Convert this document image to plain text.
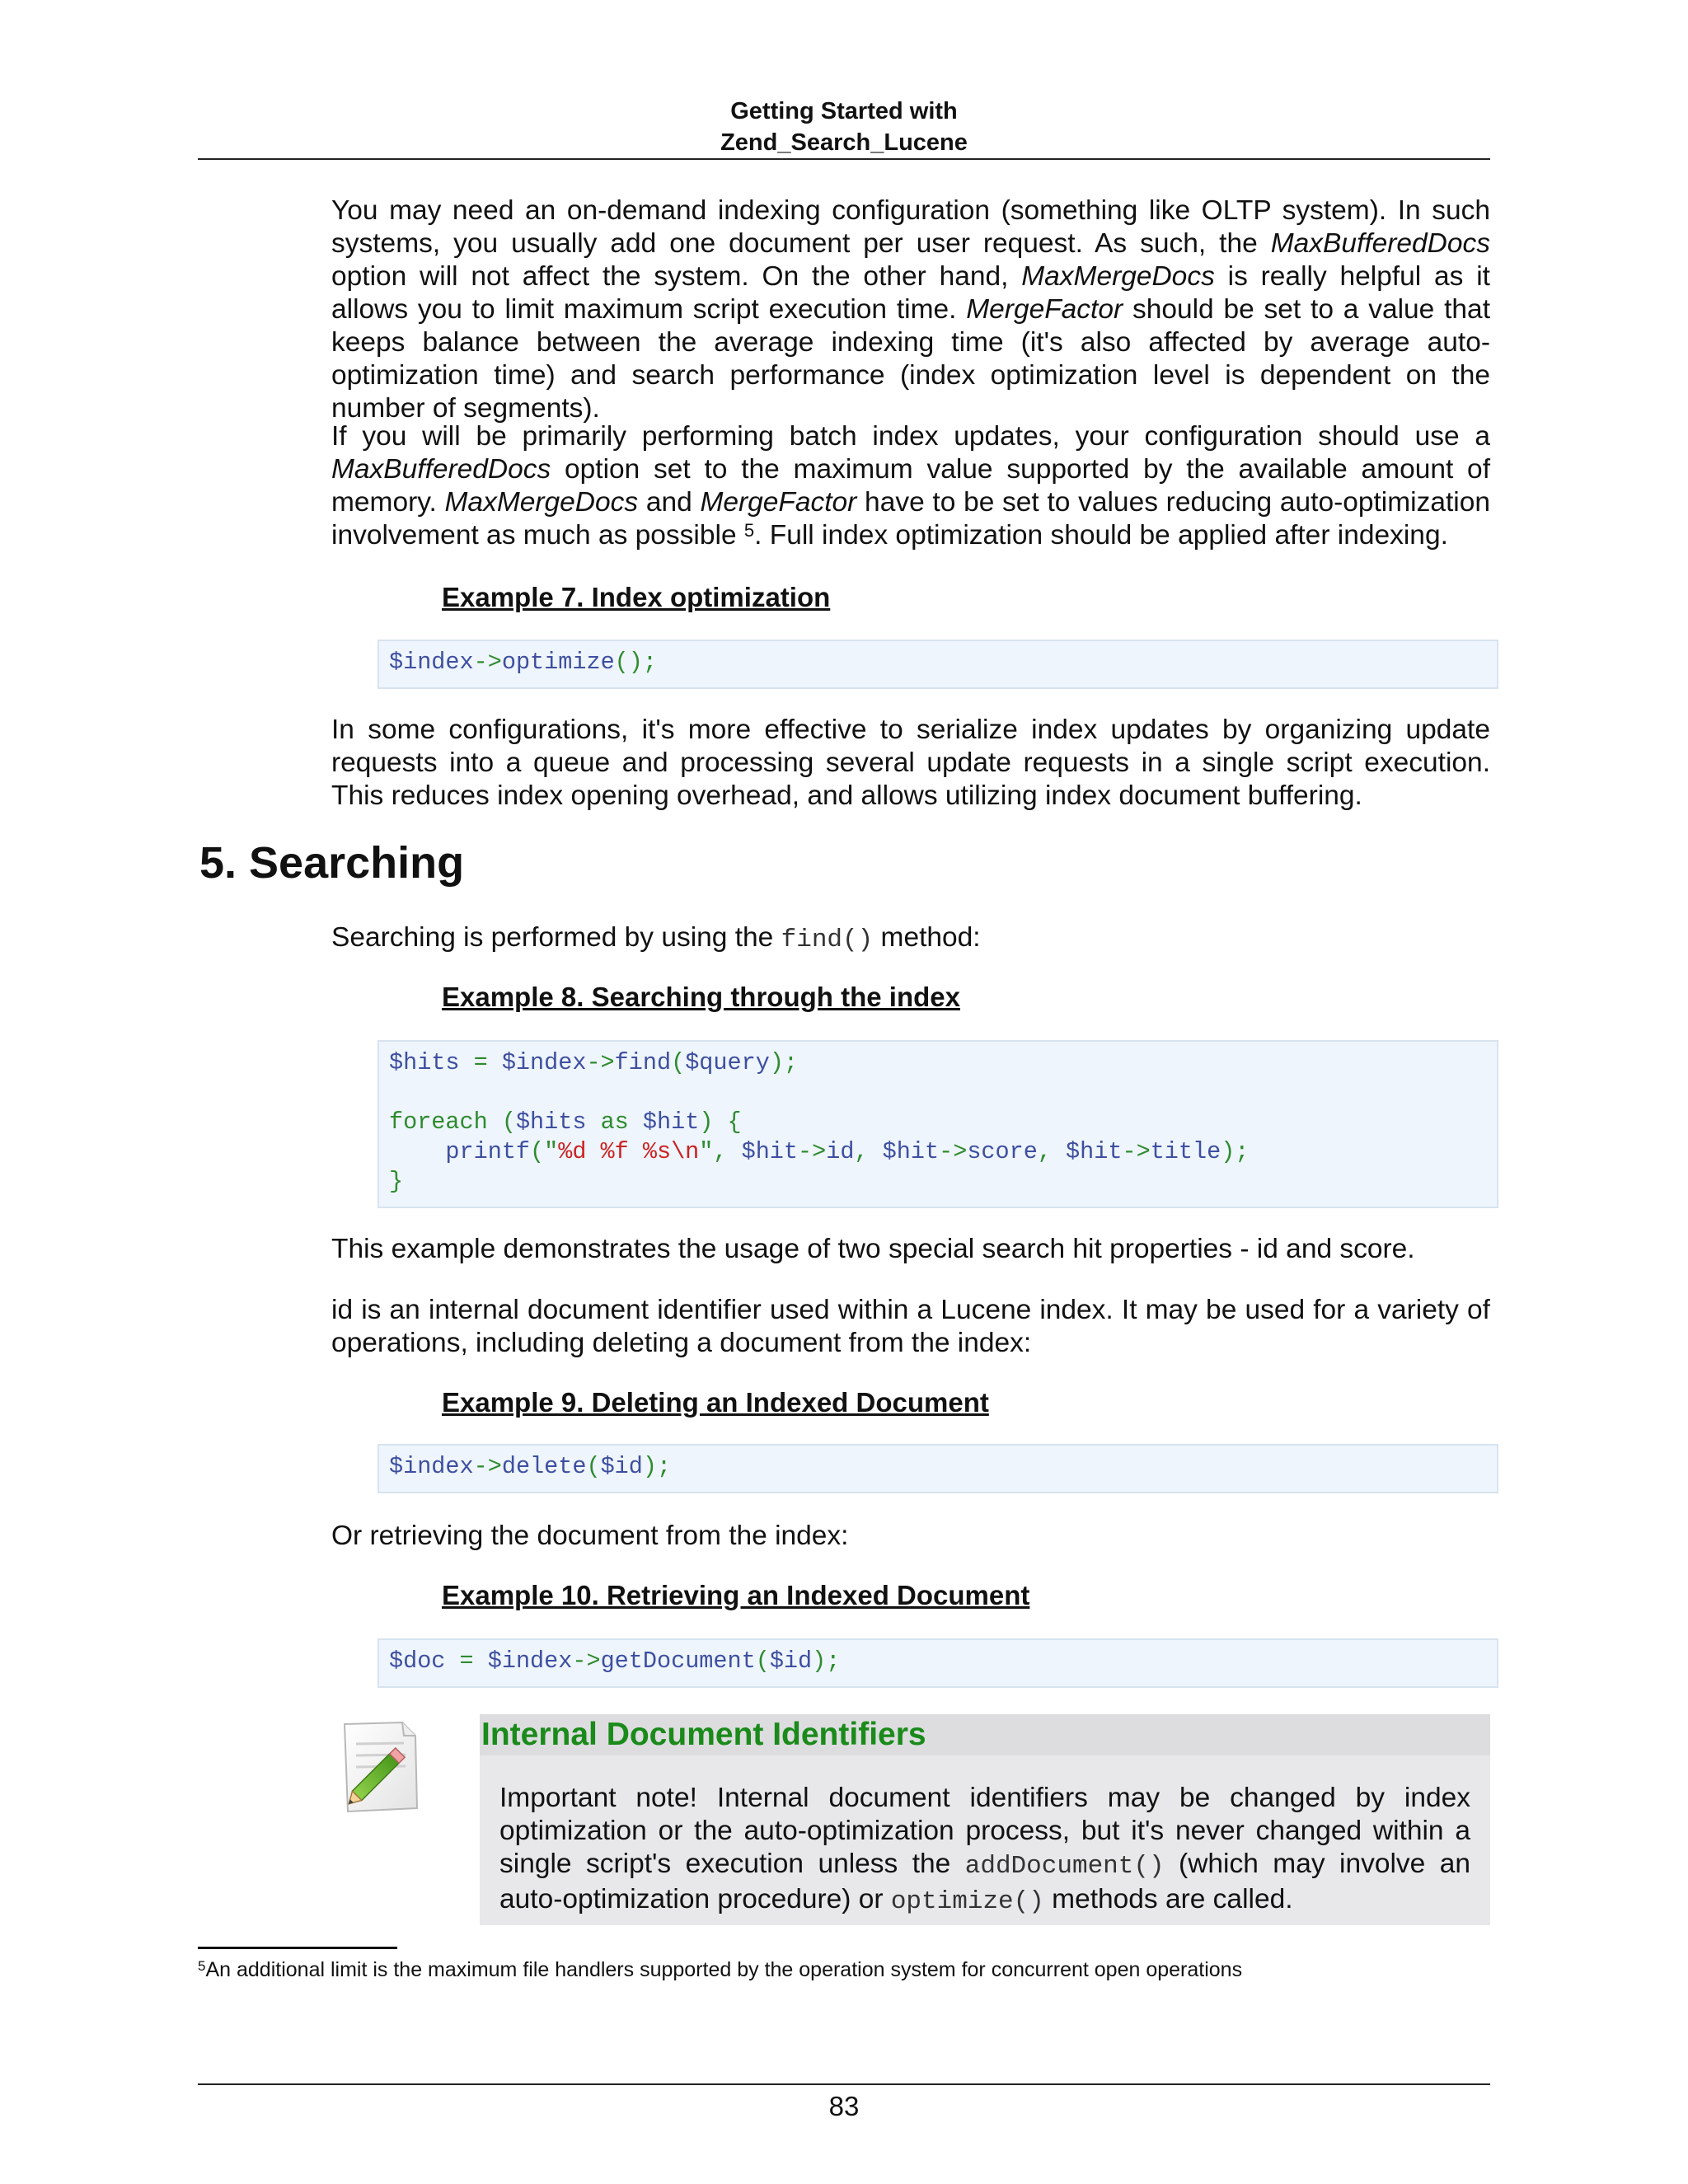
Getting Started with
Zend_Search_Lucene

You may need an on-demand indexing configuration (something like OLTP system). In such systems, you usually add one document per user request. As such, the MaxBufferedDocs option will not affect the system. On the other hand, MaxMergeDocs is really helpful as it allows you to limit maximum script execution time. MergeFactor should be set to a value that keeps balance between the average indexing time (it's also affected by average auto-optimization time) and search performance (index optimization level is dependent on the number of segments).

If you will be primarily performing batch index updates, your configuration should use a MaxBufferedDocs option set to the maximum value supported by the available amount of memory. MaxMergeDocs and MergeFactor have to be set to values reducing auto-optimization involvement as much as possible $^5$. Full index optimization should be applied after indexing.

Example 7. Index optimization

$index->optimize();

In some configurations, it's more effective to serialize index updates by organizing update requests into a queue and processing several update requests in a single script execution. This reduces index opening overhead, and allows utilizing index document buffering.

5. Searching

Searching is performed by using the find() method:

Example 8. Searching through the index

$hits = $index->find($query);

foreach ($hits as $hit) {
printf("%d %f %s\n", $hit->id, $hit->score, $hit->title);
}

This example demonstrates the usage of two special search hit properties - id and score.

id is an internal document identifier used within a Lucene index. It may be used for a variety of operations, including deleting a document from the index:

Example 9. Deleting an Indexed Document

$index->delete($id);

Or retrieving the document from the index:

Example 10. Retrieving an Indexed Document

$doc = $index->getDocument($id);
Internal Document Identifiers

Important note! Internal document identifiers may be changed by index optimization or the auto-optimization process, but it's never changed within a single script's execution unless the addDocument() (which may involve an auto-optimization procedure) or optimize() methods are called.

$^5$An additional limit is the maximum file handlers supported by the operation system for concurrent open operations

83
